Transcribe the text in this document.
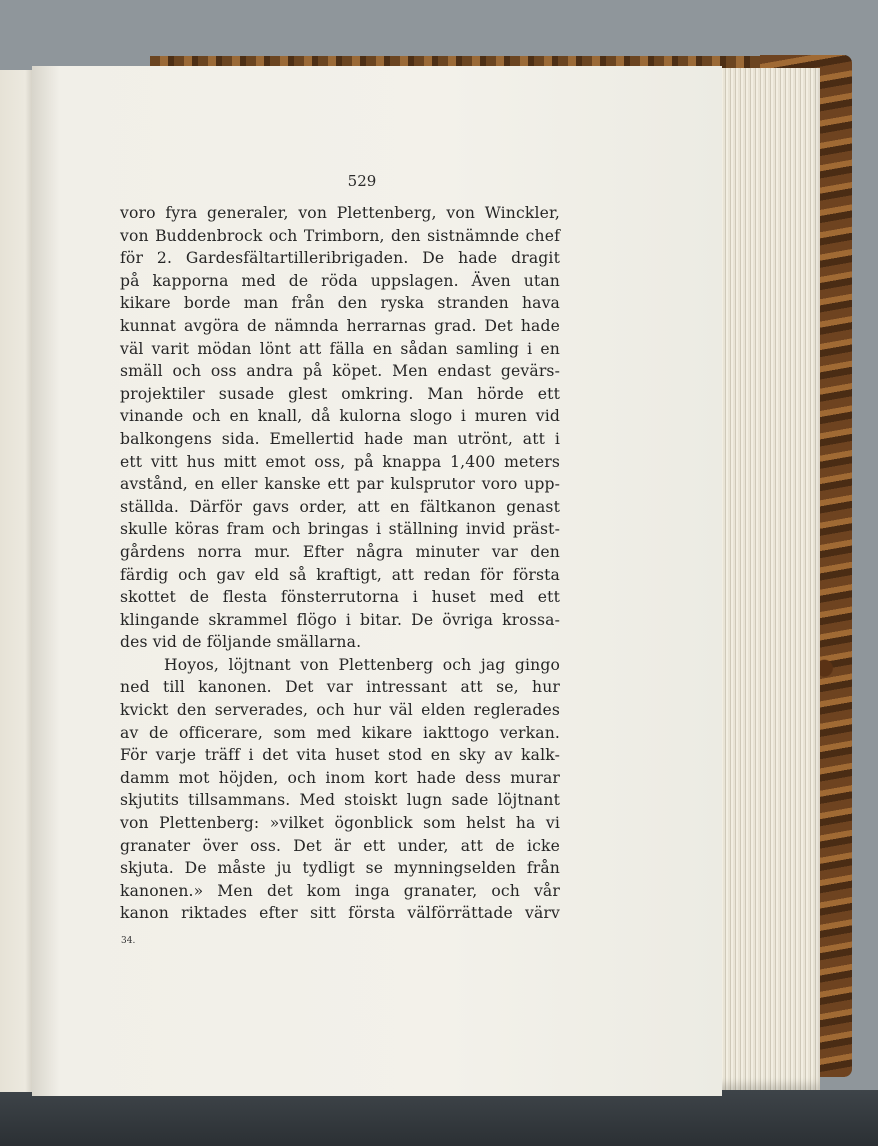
529
voro fyra generaler, von Plettenberg, von Winckler,
von Buddenbrock och Trimborn, den sistnämnde chef
för 2. Gardesfältartilleribrigaden. De hade dragit
på kapporna med de röda uppslagen. Även utan
kikare borde man från den ryska stranden hava
kunnat avgöra de nämnda herrarnas grad. Det hade
väl varit mödan lönt att fälla en sådan samling i en
smäll och oss andra på köpet. Men endast gevärs-
projektiler susade glest omkring. Man hörde ett
vinande och en knall, då kulorna slogo i muren vid
balkongens sida. Emellertid hade man utrönt, att i
ett vitt hus mitt emot oss, på knappa 1,400 meters
avstånd, en eller kanske ett par kulsprutor voro upp-
ställda. Därför gavs order, att en fältkanon genast
skulle köras fram och bringas i ställning invid präst-
gårdens norra mur. Efter några minuter var den
färdig och gav eld så kraftigt, att redan för första
skottet de flesta fönsterrutorna i huset med ett
klingande skrammel flögo i bitar. De övriga krossa-
des vid de följande smällarna.
Hoyos, löjtnant von Plettenberg och jag gingo
ned till kanonen. Det var intressant att se, hur
kvickt den serverades, och hur väl elden reglerades
av de officerare, som med kikare iakttogo verkan.
För varje träff i det vita huset stod en sky av kalk-
damm mot höjden, och inom kort hade dess murar
skjutits tillsammans. Med stoiskt lugn sade löjtnant
von Plettenberg: »vilket ögonblick som helst ha vi
granater över oss. Det är ett under, att de icke
skjuta. De måste ju tydligt se mynningselden från
kanonen.» Men det kom inga granater, och vår
kanon riktades efter sitt första välförrättade värv
34.
